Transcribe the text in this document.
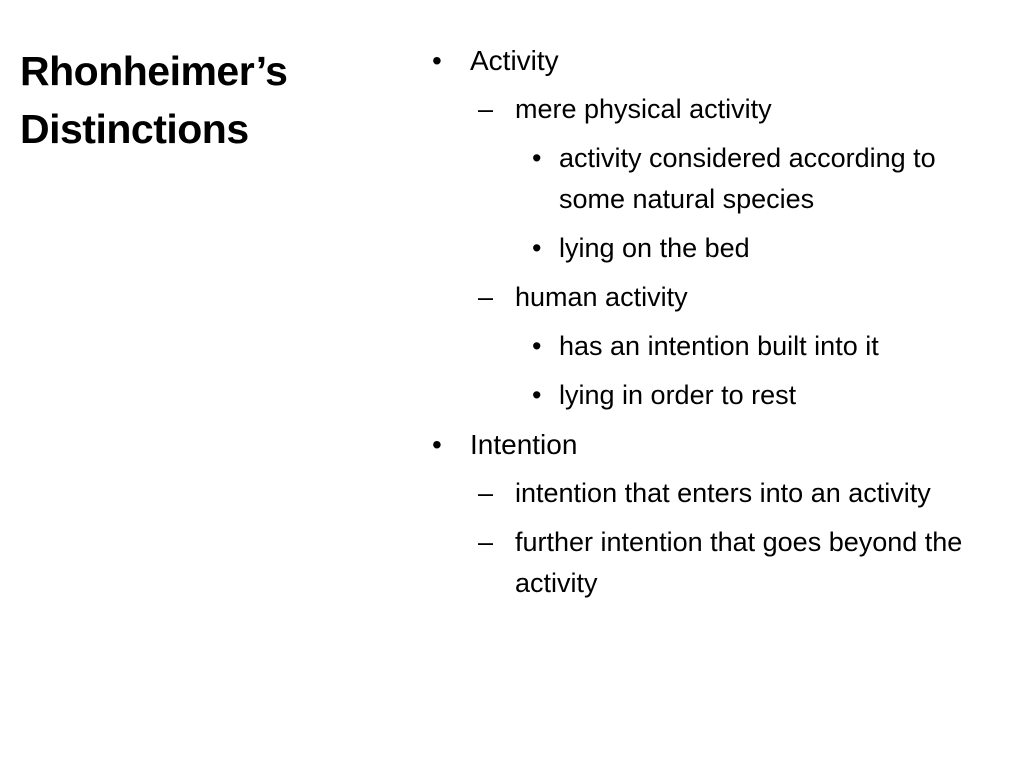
Rhonheimer’s Distinctions
• Activity
– mere physical activity
• activity considered according to some natural species
• lying on the bed
– human activity
• has an intention built into it
• lying in order to rest
• Intention
– intention that enters into an activity
– further intention that goes beyond the activity
